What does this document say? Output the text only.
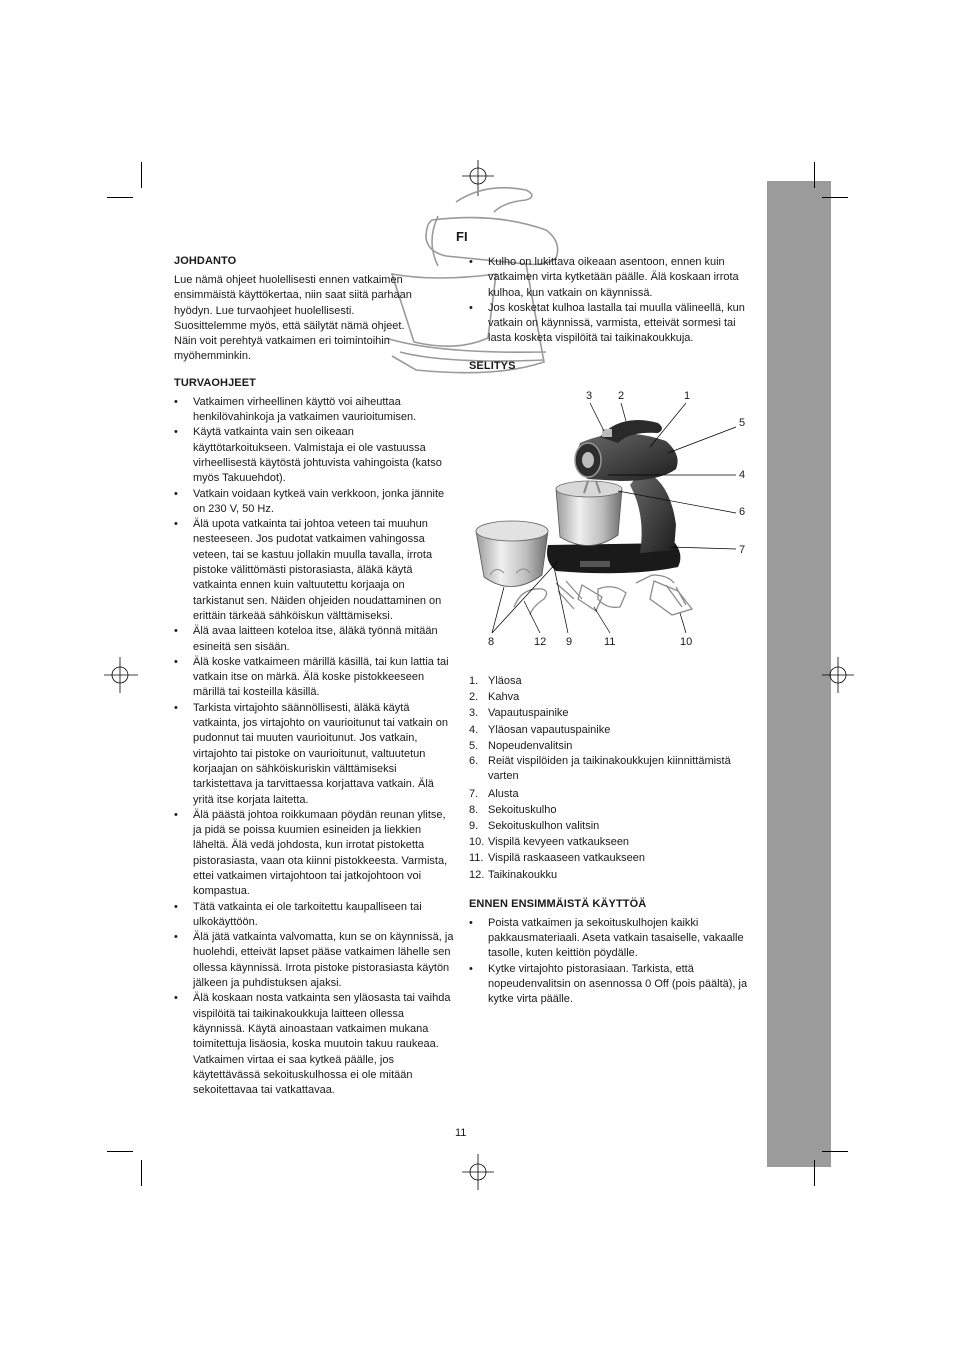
FI
JOHDANTO

Lue nämä ohjeet huolellisesti ennen vatkaimen ensimmäistä käyttökertaa, niin saat siitä parhaan hyödyn. Lue turvaohjeet huolellisesti. Suosittelemme myös, että säilytät nämä ohjeet. Näin voit perehtyä vatkaimen eri toimintoihin myöhemminkin.

TURVAOHJEET
• Vatkaimen virheellinen käyttö voi aiheuttaa henkilövahinkoja ja vatkaimen vaurioitumisen.
• Käytä vatkainta vain sen oikeaan käyttötarkoitukseen. Valmistaja ei ole vastuussa virheellisestä käytöstä johtuvista vahingoista (katso myös Takuuehdot).
• Vatkain voidaan kytkeä vain verkkoon, jonka jännite on 230 V, 50 Hz.
• Älä upota vatkainta tai johtoa veteen tai muuhun nesteeseen. Jos pudotat vatkaimen vahingossa veteen, tai se kastuu jollakin muulla tavalla, irrota pistoke välittömästi pistorasiasta, äläkä käytä vatkainta ennen kuin valtuutettu korjaaja on tarkistanut sen. Näiden ohjeiden noudattaminen on erittäin tärkeää sähköiskun välttämiseksi.
• Älä avaa laitteen koteloa itse, äläkä työnnä mitään esineitä sen sisään.
• Älä koske vatkaimeen märillä käsillä, tai kun lattia tai vatkain itse on märkä. Älä koske pistokkeeseen märillä tai kosteilla käsillä.
• Tarkista virtajohto säännöllisesti, äläkä käytä vatkainta, jos virtajohto on vaurioitunut tai vatkain on pudonnut tai muuten vaurioitunut. Jos vatkain, virtajohto tai pistoke on vaurioitunut, valtuutetun korjaajan on sähköiskuriskin välttämiseksi tarkistettava ja tarvittaessa korjattava vatkain. Älä yritä itse korjata laitetta.
• Älä päästä johtoa roikkumaan pöydän reunan ylitse, ja pidä se poissa kuumien esineiden ja liekkien läheltä. Älä vedä johdosta, kun irrotat pistoketta pistorasiasta, vaan ota kiinni pistokkeesta. Varmista, ettei vatkaimen virtajohtoon tai jatkojohtoon voi kompastua.
• Tätä vatkainta ei ole tarkoitettu kaupalliseen tai ulkokäyttöön.
• Älä jätä vatkainta valvomatta, kun se on käynnissä, ja huolehdi, etteivät lapset pääse vatkaimen lähelle sen ollessa käynnissä. Irrota pistoke pistorasiasta käytön jälkeen ja puhdistuksen ajaksi.
• Älä koskaan nosta vatkainta sen yläosasta tai vaihda vispilöitä tai taikinakoukkuja laitteen ollessa käynnissä. Käytä ainoastaan vatkaimen mukana toimitettuja lisäosia, koska muutoin takuu raukeaa. Vatkaimen virtaa ei saa kytkeä päälle, jos käytettävässä sekoituskulhossa ei ole mitään sekoitettavaa tai vatkattavaa.
• Kulho on lukittava oikeaan asentoon, ennen kuin vatkaimen virta kytketään päälle. Älä koskaan irrota kulhoa, kun vatkain on käynnissä.
• Jos kosketat kulhoa lastalla tai muulla välineellä, kun vatkain on käynnissä, varmista, etteivät sormesi tai lasta kosketa vispilöitä tai taikinakoukkuja.
SELITYS
1
2
3
4
5
6
7
8	9	10
11
12
1. Yläosa
2. Kahva
3. Vapautuspainike
4. Yläosan vapautuspainike
5. Nopeudenvalitsin
6. Reiät vispilöiden ja taikinakoukkujen kiinnittämistä varten
7. Alusta
8. Sekoituskulho
9. Sekoituskulhon valitsin
10. Vispilä kevyeen vatkaukseen
11. Vispilä raskaaseen vatkaukseen
12. Taikinakoukku
ENNEN ENSIMMÄISTÄ KÄYTTÖÄ
• Poista vatkaimen ja sekoituskulhojen kaikki pakkausmateriaali. Aseta vatkain tasaiselle, vakaalle tasolle, kuten keittiön pöydälle.
• Kytke virtajohto pistorasiaan. Tarkista, että nopeudenvalitsin on asennossa 0 Off (pois päältä), ja kytke virta päälle.
11
